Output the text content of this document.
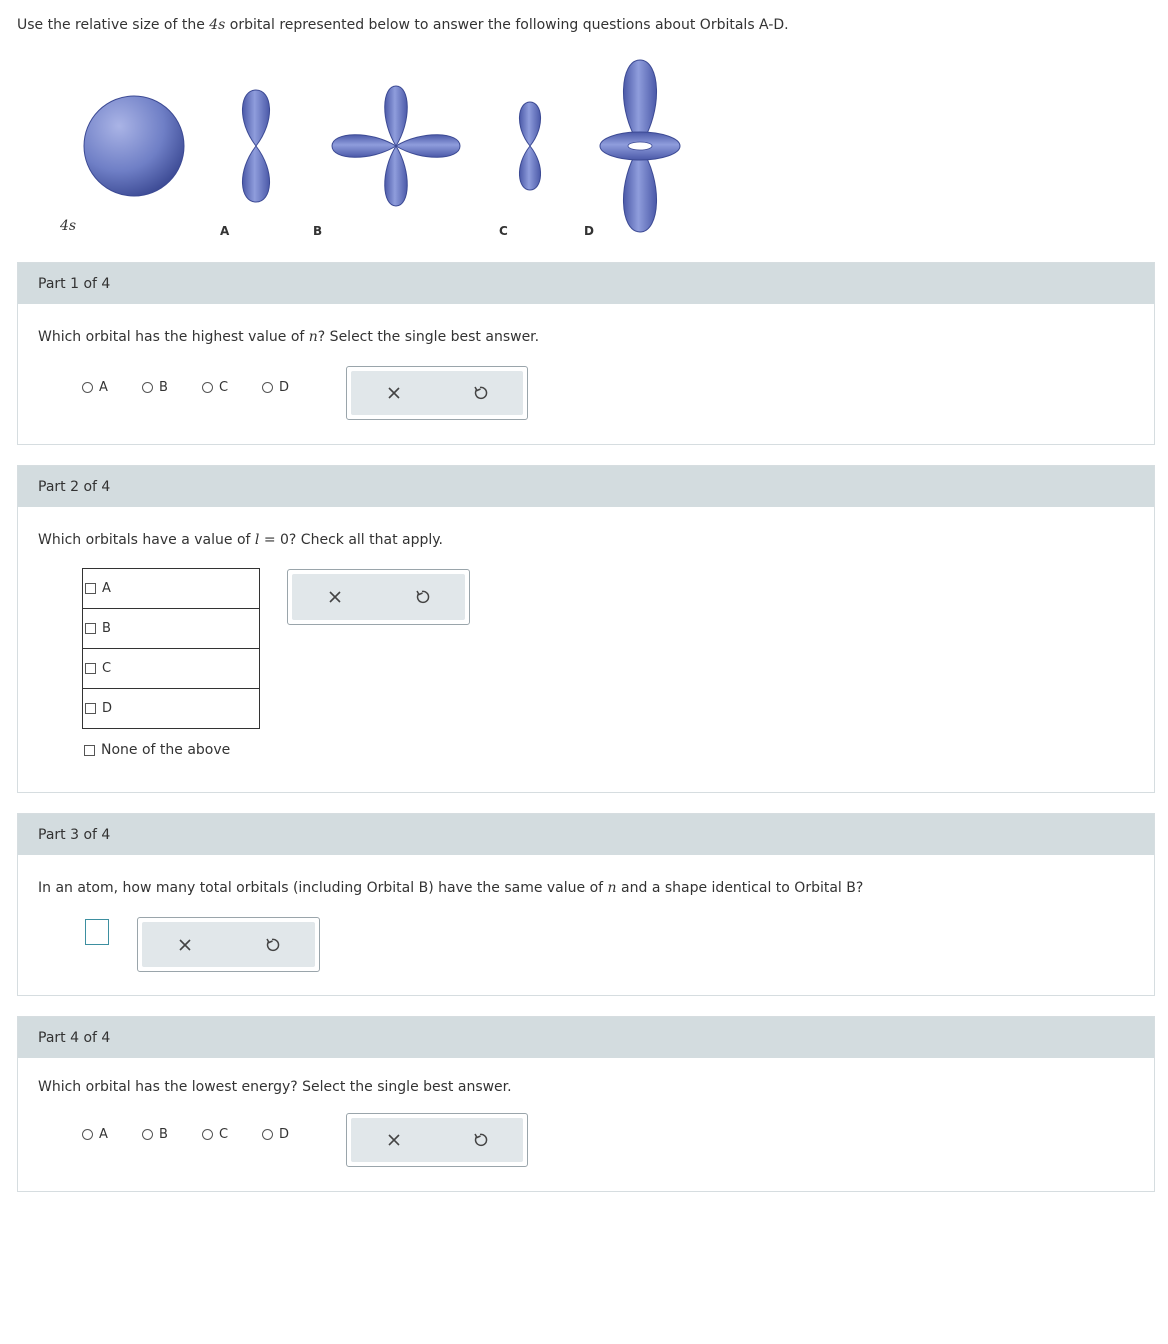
Use the relative size of the 4s orbital represented below to answer the following questions about Orbitals A-D.
4s	A	B	C	D
Part 1 of 4
Which orbital has the highest value of n? Select the single best answer.
A	B	C	D
Part 2 of 4
Which orbitals have a value of l = 0? Check all that apply.
A
B
C
D
None of the above
Part 3 of 4
In an atom, how many total orbitals (including Orbital B) have the same value of n and a shape identical to Orbital B?
Part 4 of 4
Which orbital has the lowest energy? Select the single best answer.
A	B	C	D
